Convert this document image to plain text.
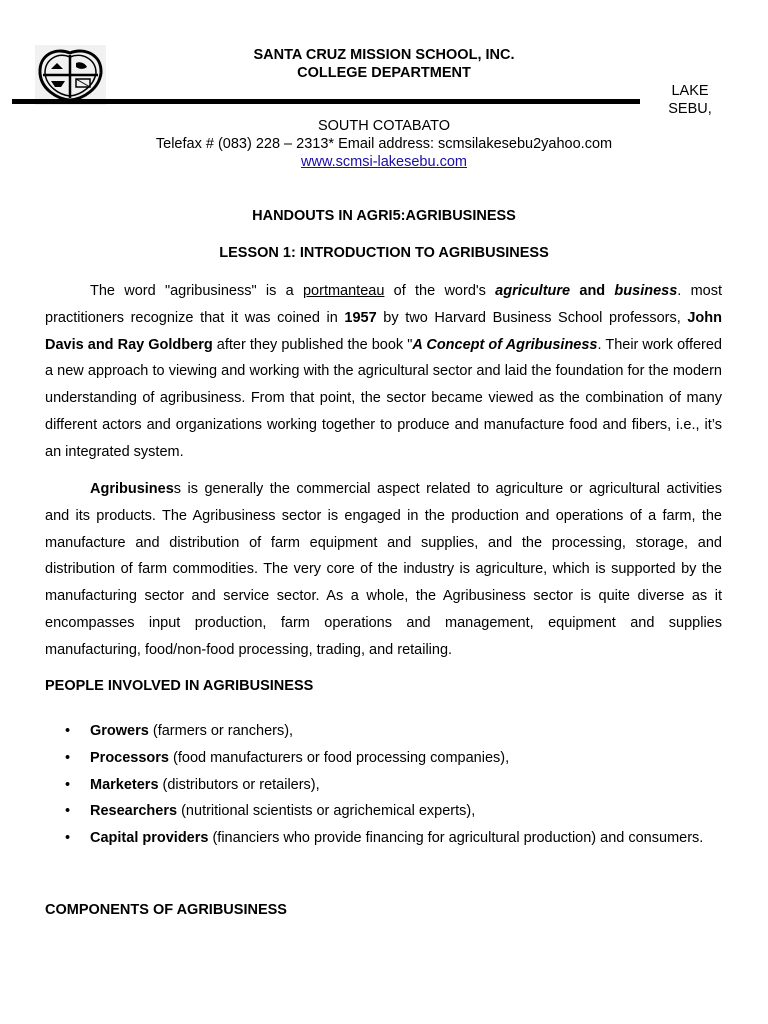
SANTA CRUZ MISSION SCHOOL, INC.
COLLEGE DEPARTMENT
LAKE
SEBU,
SOUTH COTABATO
Telefax # (083) 228 – 2313* Email address: scmsilakesebu2yahoo.com
www.scmsi-lakesebu.com
HANDOUTS IN AGRI5:AGRIBUSINESS
LESSON 1: INTRODUCTION TO AGRIBUSINESS
The word "agribusiness" is a portmanteau of the word's agriculture and business. most practitioners recognize that it was coined in 1957 by two Harvard Business School professors, John Davis and Ray Goldberg after they published the book "A Concept of Agribusiness. Their work offered a new approach to viewing and working with the agricultural sector and laid the foundation for the modern understanding of agribusiness. From that point, the sector became viewed as the combination of many different actors and organizations working together to produce and manufacture food and fibers, i.e., it’s an integrated system.
Agribusiness is generally the commercial aspect related to agriculture or agricultural activities and its products. The Agribusiness sector is engaged in the production and operations of a farm, the manufacture and distribution of farm equipment and supplies, and the processing, storage, and distribution of farm commodities. The very core of the industry is agriculture, which is supported by the manufacturing sector and service sector. As a whole, the Agribusiness sector is quite diverse as it encompasses input production, farm operations and management, equipment and supplies manufacturing, food/non-food processing, trading, and retailing.
PEOPLE INVOLVED IN AGRIBUSINESS
• Growers (farmers or ranchers),
• Processors (food manufacturers or food processing companies),
• Marketers (distributors or retailers),
• Researchers (nutritional scientists or agrichemical experts),
• Capital providers (financiers who provide financing for agricultural production) and consumers.
COMPONENTS OF AGRIBUSINESS
